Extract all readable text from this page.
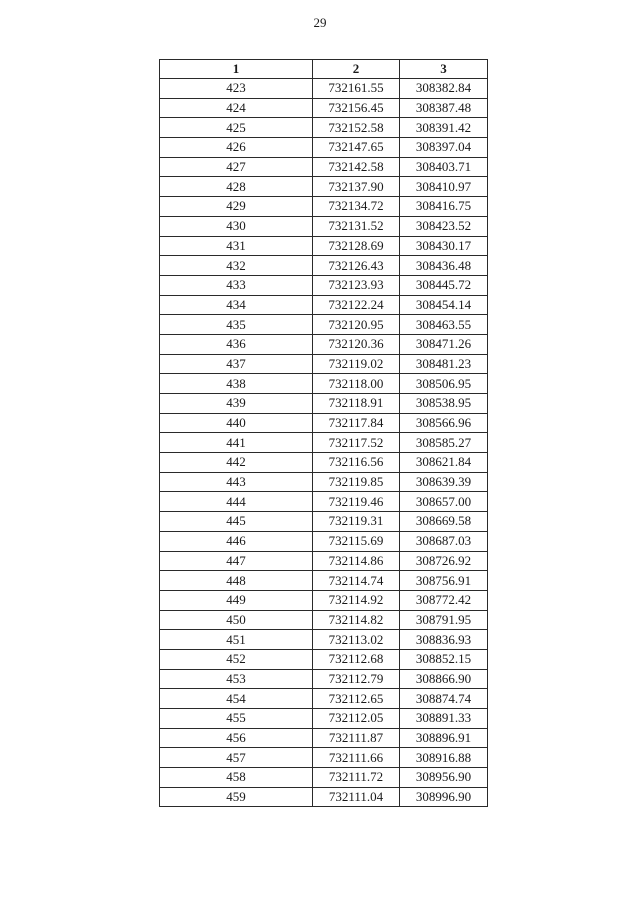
29
1	2	3
423	732161.55	308382.84
424	732156.45	308387.48
425	732152.58	308391.42
426	732147.65	308397.04
427	732142.58	308403.71
428	732137.90	308410.97
429	732134.72	308416.75
430	732131.52	308423.52
431	732128.69	308430.17
432	732126.43	308436.48
433	732123.93	308445.72
434	732122.24	308454.14
435	732120.95	308463.55
436	732120.36	308471.26
437	732119.02	308481.23
438	732118.00	308506.95
439	732118.91	308538.95
440	732117.84	308566.96
441	732117.52	308585.27
442	732116.56	308621.84
443	732119.85	308639.39
444	732119.46	308657.00
445	732119.31	308669.58
446	732115.69	308687.03
447	732114.86	308726.92
448	732114.74	308756.91
449	732114.92	308772.42
450	732114.82	308791.95
451	732113.02	308836.93
452	732112.68	308852.15
453	732112.79	308866.90
454	732112.65	308874.74
455	732112.05	308891.33
456	732111.87	308896.91
457	732111.66	308916.88
458	732111.72	308956.90
459	732111.04	308996.90
